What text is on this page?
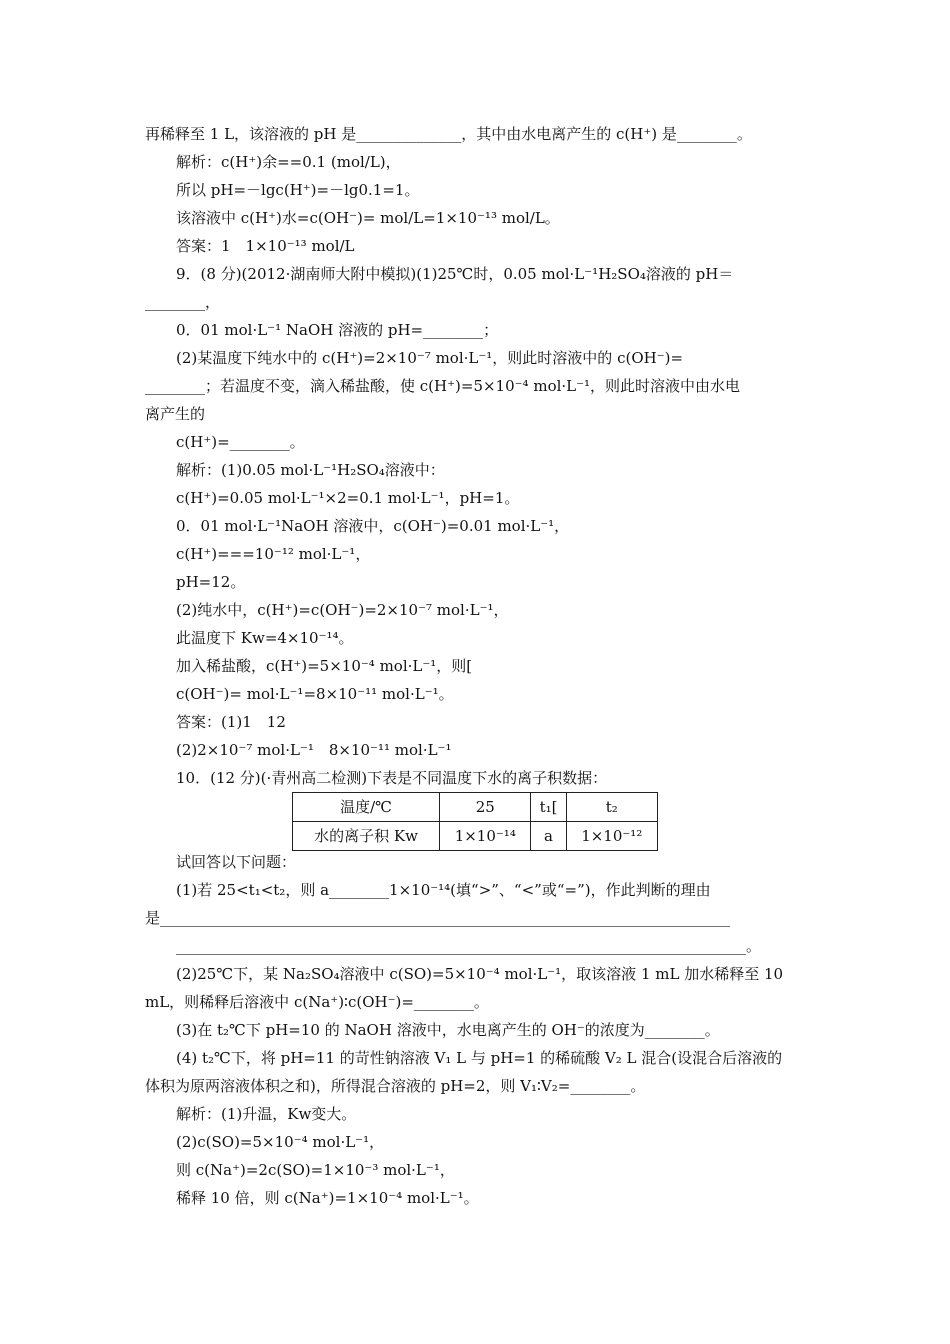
再稀释至 1 L，该溶液的 pH 是______________，其中由水电离产生的 c(H⁺) 是________。
解析：c(H⁺)余==0.1 (mol/L)，
所以 pH=－lgc(H⁺)=－lg0.1=1。
该溶液中 c(H⁺)水=c(OH⁻)= mol/L=1×10⁻¹³ mol/L。
答案：1　1×10⁻¹³ mol/L
9．(8 分)(2012·湖南师大附中模拟)(1)25℃时，0.05 mol·L⁻¹H₂SO₄溶液的 pH＝
________，
0．01 mol·L⁻¹ NaOH 溶液的 pH=________；
(2)某温度下纯水中的 c(H⁺)=2×10⁻⁷ mol·L⁻¹，则此时溶液中的 c(OH⁻)=
________；若温度不变，滴入稀盐酸，使 c(H⁺)=5×10⁻⁴ mol·L⁻¹，则此时溶液中由水电
离产生的
c(H⁺)=________。
解析：(1)0.05 mol·L⁻¹H₂SO₄溶液中：
c(H⁺)=0.05 mol·L⁻¹×2=0.1 mol·L⁻¹，pH=1。
0．01 mol·L⁻¹NaOH 溶液中，c(OH⁻)=0.01 mol·L⁻¹，
c(H⁺)===10⁻¹² mol·L⁻¹，
pH=12。
(2)纯水中，c(H⁺)=c(OH⁻)=2×10⁻⁷ mol·L⁻¹，
此温度下 Kw=4×10⁻¹⁴。
加入稀盐酸，c(H⁺)=5×10⁻⁴ mol·L⁻¹，则[
c(OH⁻)= mol·L⁻¹=8×10⁻¹¹ mol·L⁻¹。
答案：(1)1　12
(2)2×10⁻⁷ mol·L⁻¹　8×10⁻¹¹ mol·L⁻¹
10．(12 分)(·青州高二检测)下表是不同温度下水的离子积数据：
温度/℃	25	t₁[	t₂
水的离子积 Kw	1×10⁻¹⁴	a	1×10⁻¹²
试回答以下问题：
(1)若 25<t₁<t₂，则 a________1×10⁻¹⁴(填“>”、“<”或“=”)，作此判断的理由
是____________________________________________________________________________
____________________________________________________________________________。
(2)25℃下，某 Na₂SO₄溶液中 c(SO)=5×10⁻⁴ mol·L⁻¹，取该溶液 1 mL 加水稀释至 10
mL，则稀释后溶液中 c(Na⁺)∶c(OH⁻)=________。
(3)在 t₂℃下 pH=10 的 NaOH 溶液中，水电离产生的 OH⁻的浓度为________。
(4) t₂℃下，将 pH=11 的苛性钠溶液 V₁ L 与 pH=1 的稀硫酸 V₂ L 混合(设混合后溶液的
体积为原两溶液体积之和)，所得混合溶液的 pH=2，则 V₁∶V₂=________。
解析：(1)升温，Kw变大。
(2)c(SO)=5×10⁻⁴ mol·L⁻¹，
则 c(Na⁺)=2c(SO)=1×10⁻³ mol·L⁻¹，
稀释 10 倍，则 c(Na⁺)=1×10⁻⁴ mol·L⁻¹。
